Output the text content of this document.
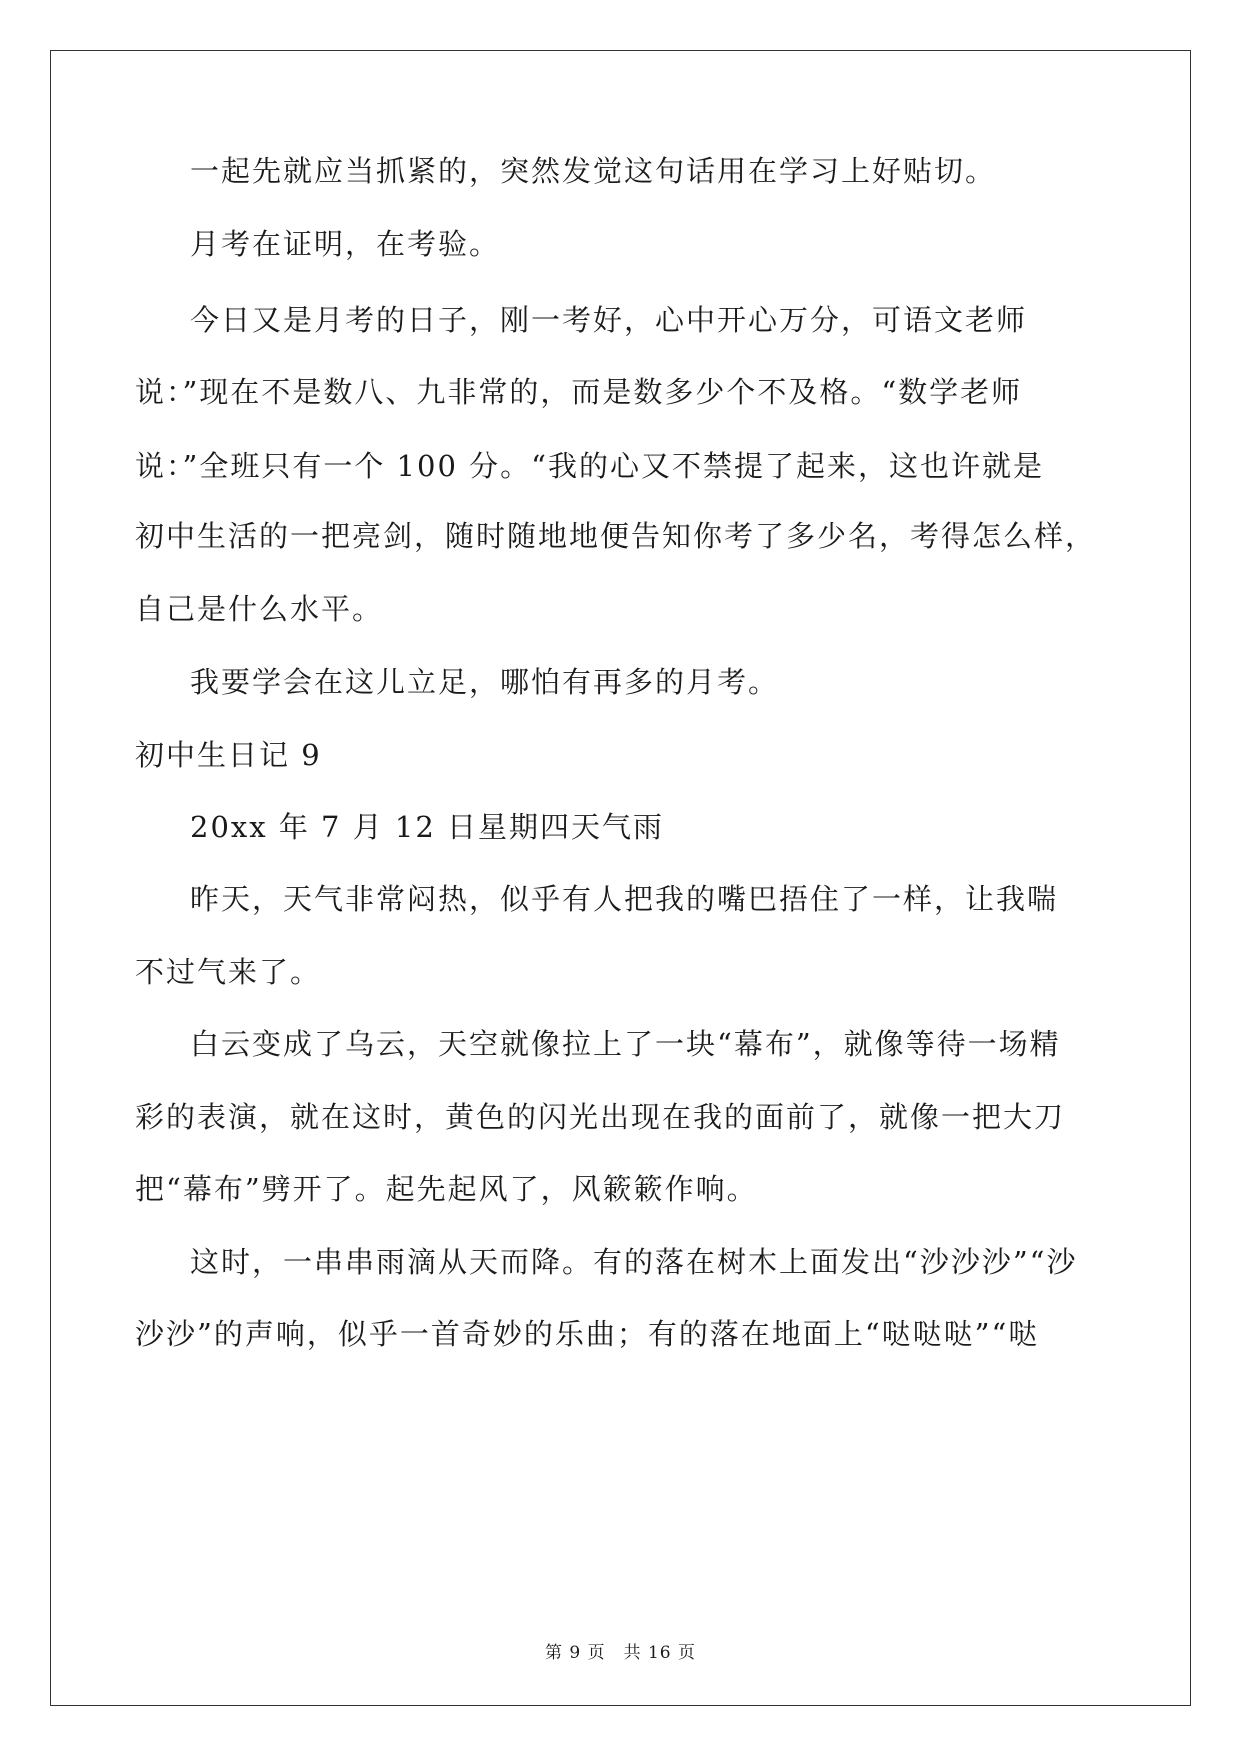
一起先就应当抓紧的，突然发觉这句话用在学习上好贴切。
月考在证明，在考验。
今日又是月考的日子，刚一考好，心中开心万分，可语文老师
说：”现在不是数八、九非常的，而是数多少个不及格。“数学老师
说：”全班只有一个 100 分。“我的心又不禁提了起来，这也许就是
初中生活的一把亮剑，随时随地地便告知你考了多少名，考得怎么样，
自己是什么水平。
我要学会在这儿立足，哪怕有再多的月考。
初中生日记 9
20xx 年 7 月 12 日星期四天气雨
昨天，天气非常闷热，似乎有人把我的嘴巴捂住了一样，让我喘
不过气来了。
白云变成了乌云，天空就像拉上了一块“幕布”，就像等待一场精
彩的表演，就在这时，黄色的闪光出现在我的面前了，就像一把大刀
把“幕布”劈开了。起先起风了，风簌簌作响。
这时，一串串雨滴从天而降。有的落在树木上面发出“沙沙沙”“沙
沙沙”的声响，似乎一首奇妙的乐曲；有的落在地面上“哒哒哒”“哒
第 9 页　共 16 页
